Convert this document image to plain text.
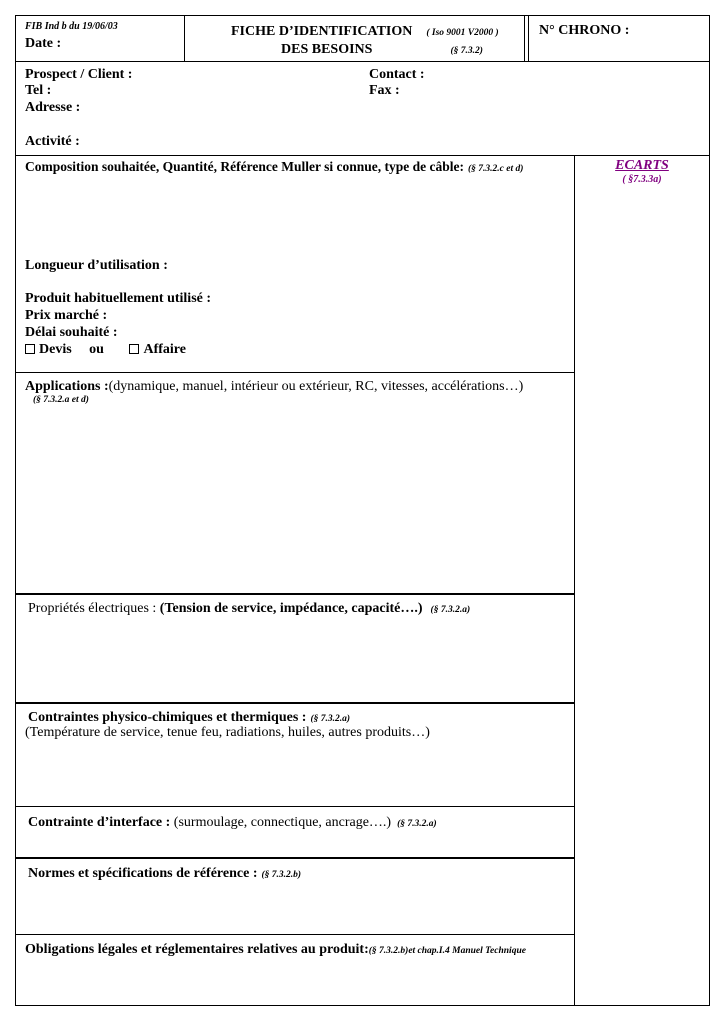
FIB Ind b du 19/06/03
Date :
FICHE D’IDENTIFICATION ( Iso 9001 V2000 )
DES BESOINS	(§ 7.3.2)
N° CHRONO :
Prospect / Client :	Contact :
Tel :	Fax :
Adresse :
Activité :
Composition souhaitée, Quantité, Référence Muller si connue, type de câble: (§ 7.3.2.c et d)
Longueur d’utilisation :
Produit habituellement utilisé :
Prix marché :
Délai souhaité :
Devis ou	Affaire
ECARTS
( §7.3.3a)
Applications :(dynamique, manuel, intérieur ou extérieur, RC, vitesses, accélérations…)
(§ 7.3.2.a et d)
Propriétés électriques : (Tension de service, impédance, capacité….) (§ 7.3.2.a)
Contraintes physico-chimiques et thermiques : (§ 7.3.2.a)
(Température de service, tenue feu, radiations, huiles, autres produits…)
Contrainte d’interface : (surmoulage, connectique, ancrage….) (§ 7.3.2.a)
Normes et spécifications de référence : (§ 7.3.2.b)
Obligations légales et réglementaires relatives au produit:(§ 7.3.2.b)et chap.I.4 Manuel Technique
